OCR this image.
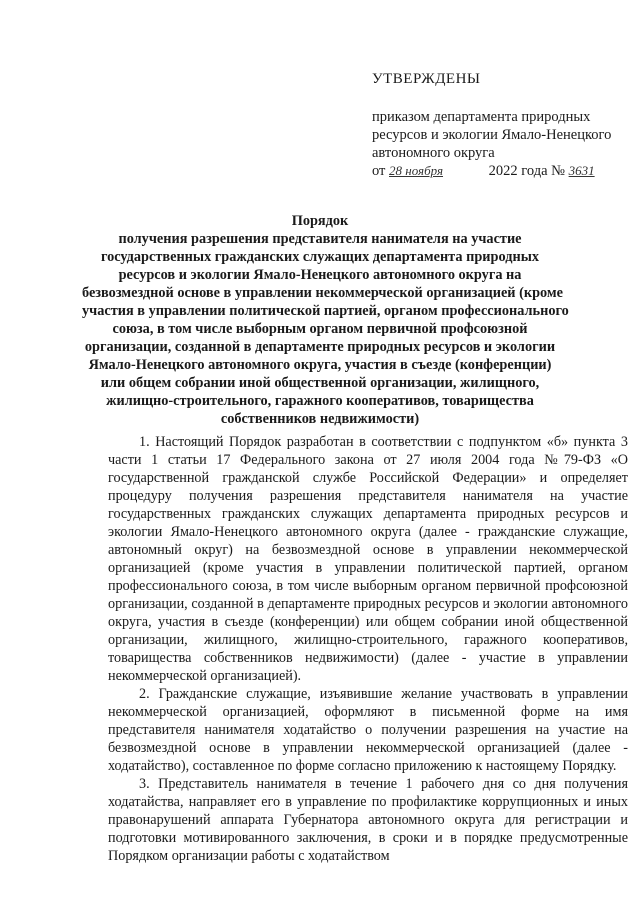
УТВЕРЖДЕНЫ
приказом департамента природных
ресурсов и экологии Ямало-Ненецкого
автономного округа
от 28 ноября	2022 года № 3631
Порядок
получения разрешения представителя нанимателя на участие
государственных гражданских служащих департамента природных
ресурсов и экологии Ямало-Ненецкого автономного округа на
безвозмездной основе в управлении некоммерческой организацией (кроме
участия в управлении политической партией, органом профессионального
союза, в том числе выборным органом первичной профсоюзной
организации, созданной в департаменте природных ресурсов и экологии
Ямало-Ненецкого автономного округа, участия в съезде (конференции)
или общем собрании иной общественной организации, жилищного,
жилищно-строительного, гаражного кооперативов, товарищества
собственников недвижимости)

1. Настоящий Порядок разработан в соответствии с подпунктом «б» пункта 3 части 1 статьи 17 Федерального закона от 27 июля 2004 года №79-ФЗ «О государственной гражданской службе Российской Федерации» и определяет процедуру получения разрешения представителя нанимателя на участие государственных гражданских служащих департамента природных ресурсов и экологии Ямало-Ненецкого автономного округа (далее - гражданские служащие, автономный округ) на безвозмездной основе в управлении некоммерческой организацией (кроме участия в управлении политической партией, органом профессионального союза, в том числе выборным органом первичной профсоюзной организации, созданной в департаменте природных ресурсов и экологии автономного округа, участия в съезде (конференции) или общем собрании иной общественной организации, жилищного, жилищно-строительного, гаражного кооперативов, товарищества собственников недвижимости) (далее - участие в управлении некоммерческой организацией).

2. Гражданские служащие, изъявившие желание участвовать в управлении некоммерческой организацией, оформляют в письменной форме на имя представителя нанимателя ходатайство о получении разрешения на участие на безвозмездной основе в управлении некоммерческой организацией (далее - ходатайство), составленное по форме согласно приложению к настоящему Порядку.

3. Представитель нанимателя в течение 1 рабочего дня со дня получения ходатайства, направляет его в управление по профилактике коррупционных и иных правонарушений аппарата Губернатора автономного округа для регистрации и подготовки мотивированного заключения, в сроки и в порядке предусмотренные Порядком организации работы с ходатайством
